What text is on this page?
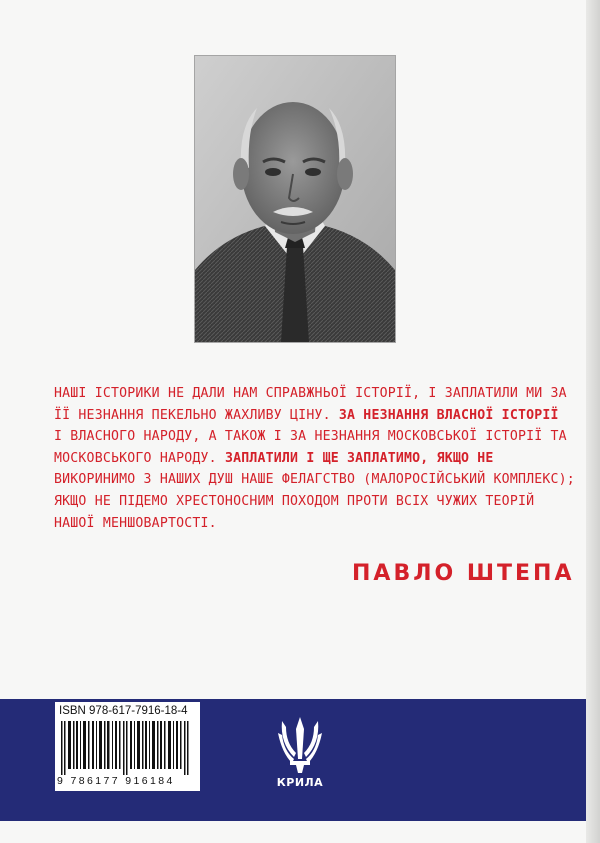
НАШІ ІСТОРИКИ НЕ ДАЛИ НАМ СПРАВЖНЬОЇ ІСТОРІЇ, І ЗАПЛАТИЛИ МИ ЗА
ЇЇ НЕЗНАННЯ ПЕКЕЛЬНО ЖАХЛИВУ ЦІНУ. ЗА НЕЗНАННЯ ВЛАСНОЇ ІСТОРІЇ
І ВЛАСНОГО НАРОДУ, А ТАКОЖ І ЗА НЕЗНАННЯ МОСКОВСЬКОЇ ІСТОРІЇ ТА
МОСКОВСЬКОГО НАРОДУ. ЗАПЛАТИЛИ І ЩЕ ЗАПЛАТИМО, ЯКЩО НЕ
ВИКОРИНИМО З НАШИХ ДУШ НАШЕ ФЕЛАГСТВО (МАЛОРОСІЙСЬКИЙ КОМПЛЕКС);
ЯКЩО НЕ ПІДЕМО ХРЕСТОНОСНИМ ПОХОДОМ ПРОТИ ВСІХ ЧУЖИХ ТЕОРІЙ
НАШОЇ МЕНШОВАРТОСТІ.
ПАВЛО ШТЕПА
ISBN 978-617-7916-18-4
9 786177 916184	КРИЛА
